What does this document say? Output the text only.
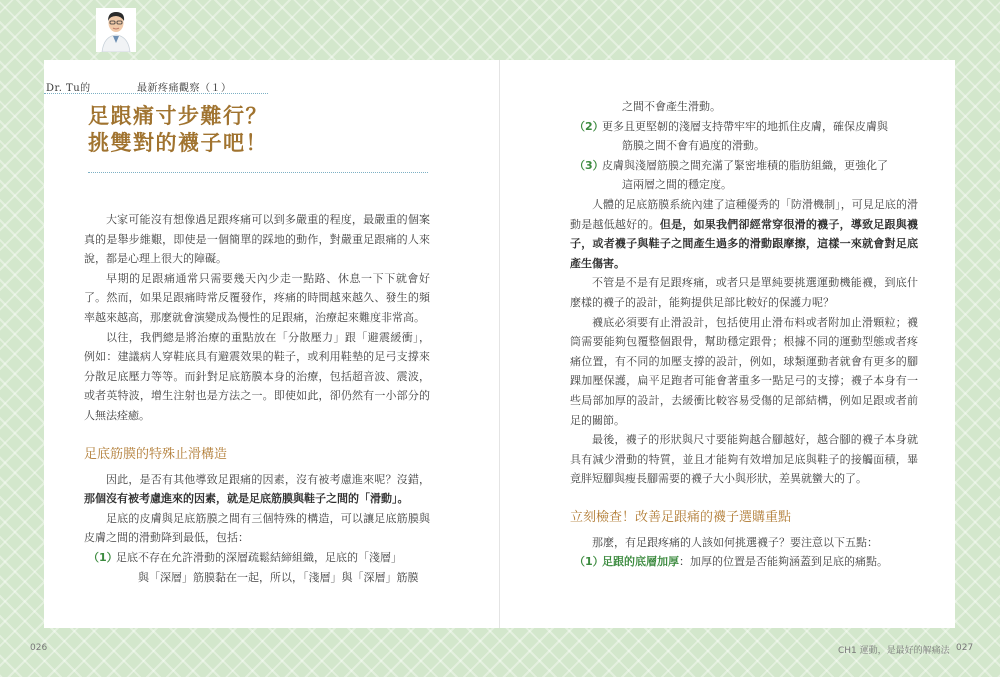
Dr. Tu的	最新疼痛觀察（１）
足跟痛寸步難行？
挑雙對的襪子吧！
大家可能沒有想像過足跟疼痛可以到多嚴重的程度，最嚴重的個案真的是舉步維艱，即使是一個簡單的踩地的動作，對嚴重足跟痛的人來說，都是心理上很大的障礙。
早期的足跟痛通常只需要幾天內少走一點路、休息一下下就會好了。然而，如果足跟痛時常反覆發作，疼痛的時間越來越久、發生的頻率越來越高，那麼就會演變成為慢性的足跟痛，治療起來難度非常高。
以往，我們總是將治療的重點放在「分散壓力」跟「避震緩衝」，例如：建議病人穿鞋底具有避震效果的鞋子，或利用鞋墊的足弓支撐來分散足底壓力等等。而針對足底筋膜本身的治療，包括超音波、震波，或者英特波，增生注射也是方法之一。即使如此，卻仍然有一小部分的人無法痊癒。
足底筋膜的特殊止滑構造
因此，是否有其他導致足跟痛的因素，沒有被考慮進來呢？沒錯，那個沒有被考慮進來的因素，就是足底筋膜與鞋子之間的「滑動」。
足底的皮膚與足底筋膜之間有三個特殊的構造，可以讓足底筋膜與皮膚之間的滑動降到最低，包括：
（1）
足底不存在允許滑動的深層疏鬆結締組織，足底的「淺層」
與「深層」筋膜黏在一起，所以，「淺層」與「深層」筋膜
之間不會產生滑動。
（2）
更多且更堅韌的淺層支持帶牢牢的地抓住皮膚，確保皮膚與
筋膜之間不會有過度的滑動。
（3）
皮膚與淺層筋膜之間充滿了緊密堆積的脂肪組織，更強化了
這兩層之間的穩定度。
人體的足底筋膜系統內建了這種優秀的「防滑機制」，可見足底的滑動是越低越好的。但是，如果我們卻經常穿很滑的襪子，導致足跟與襪子，或者襪子與鞋子之間產生過多的滑動跟摩擦，這樣一來就會對足底產生傷害。
不管是不是有足跟疼痛，或者只是單純要挑選運動機能襪，到底什麼樣的襪子的設計，能夠提供足部比較好的保護力呢？
襪底必須要有止滑設計，包括使用止滑布料或者附加止滑顆粒；襪筒需要能夠包覆整個跟骨，幫助穩定跟骨；根據不同的運動型態或者疼痛位置，有不同的加壓支撐的設計，例如，球類運動者就會有更多的腳踝加壓保護，扁平足跑者可能會著重多一點足弓的支撐；襪子本身有一些局部加厚的設計，去緩衝比較容易受傷的足部結構，例如足跟或者前足的關節。
最後，襪子的形狀與尺寸要能夠越合腳越好，越合腳的襪子本身就具有減少滑動的特質，並且才能夠有效增加足底與鞋子的接觸面積，畢竟胖短腳與瘦長腳需要的襪子大小與形狀，差異就蠻大的了。
立刻檢查！改善足跟痛的襪子選購重點
那麼，有足跟疼痛的人該如何挑選襪子？要注意以下五點：
（1）
足跟的底層加厚：加厚的位置是否能夠涵蓋到足底的痛點。
026	CH1 運動，是最好的解痛法 027
